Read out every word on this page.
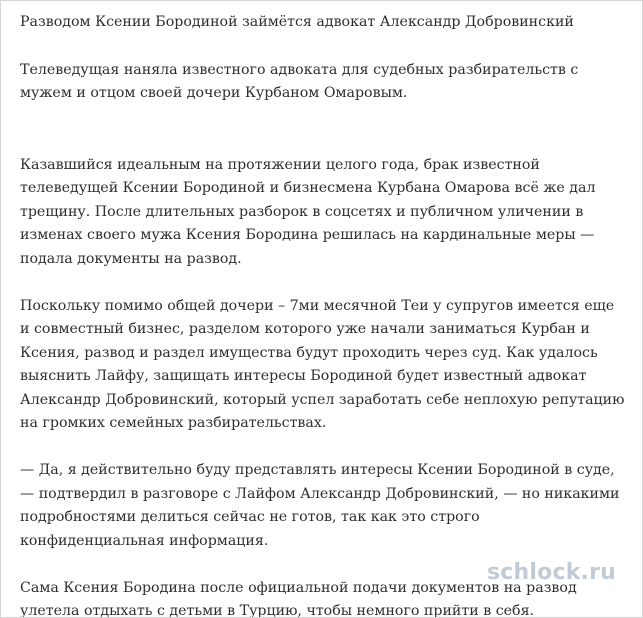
Разводом Ксении Бородиной займётся адвокат Александр Добровинский

Телеведущая наняла известного адвоката для судебных разбирательств с мужем и отцом своей дочери Курбаном Омаровым.

Казавшийся идеальным на протяжении целого года, брак известной телеведущей Ксении Бородиной и бизнесмена Курбана Омарова всё же дал трещину. После длительных разборок в соцсетях и публичном уличении в изменах своего мужа Ксения Бородина решилась на кардинальные меры — подала документы на развод.

Поскольку помимо общей дочери – 7ми месячной Теи у супругов имеется еще и совместный бизнес, разделом которого уже начали заниматься Курбан и Ксения, развод и раздел имущества будут проходить через суд. Как удалось выяснить Лайфу, защищать интересы Бородиной будет известный адвокат Александр Добровинский, который успел заработать себе неплохую репутацию на громких семейных разбирательствах.

— Да, я действительно буду представлять интересы Ксении Бородиной в суде, — подтвердил в разговоре с Лайфом Александр Добровинский, — но никакими подробностями делиться сейчас не готов, так как это строго конфиденциальная информация.

Сама Ксения Бородина после официальной подачи документов на развод улетела отдыхать с детьми в Турцию, чтобы немного прийти в себя.

schlock.ru
